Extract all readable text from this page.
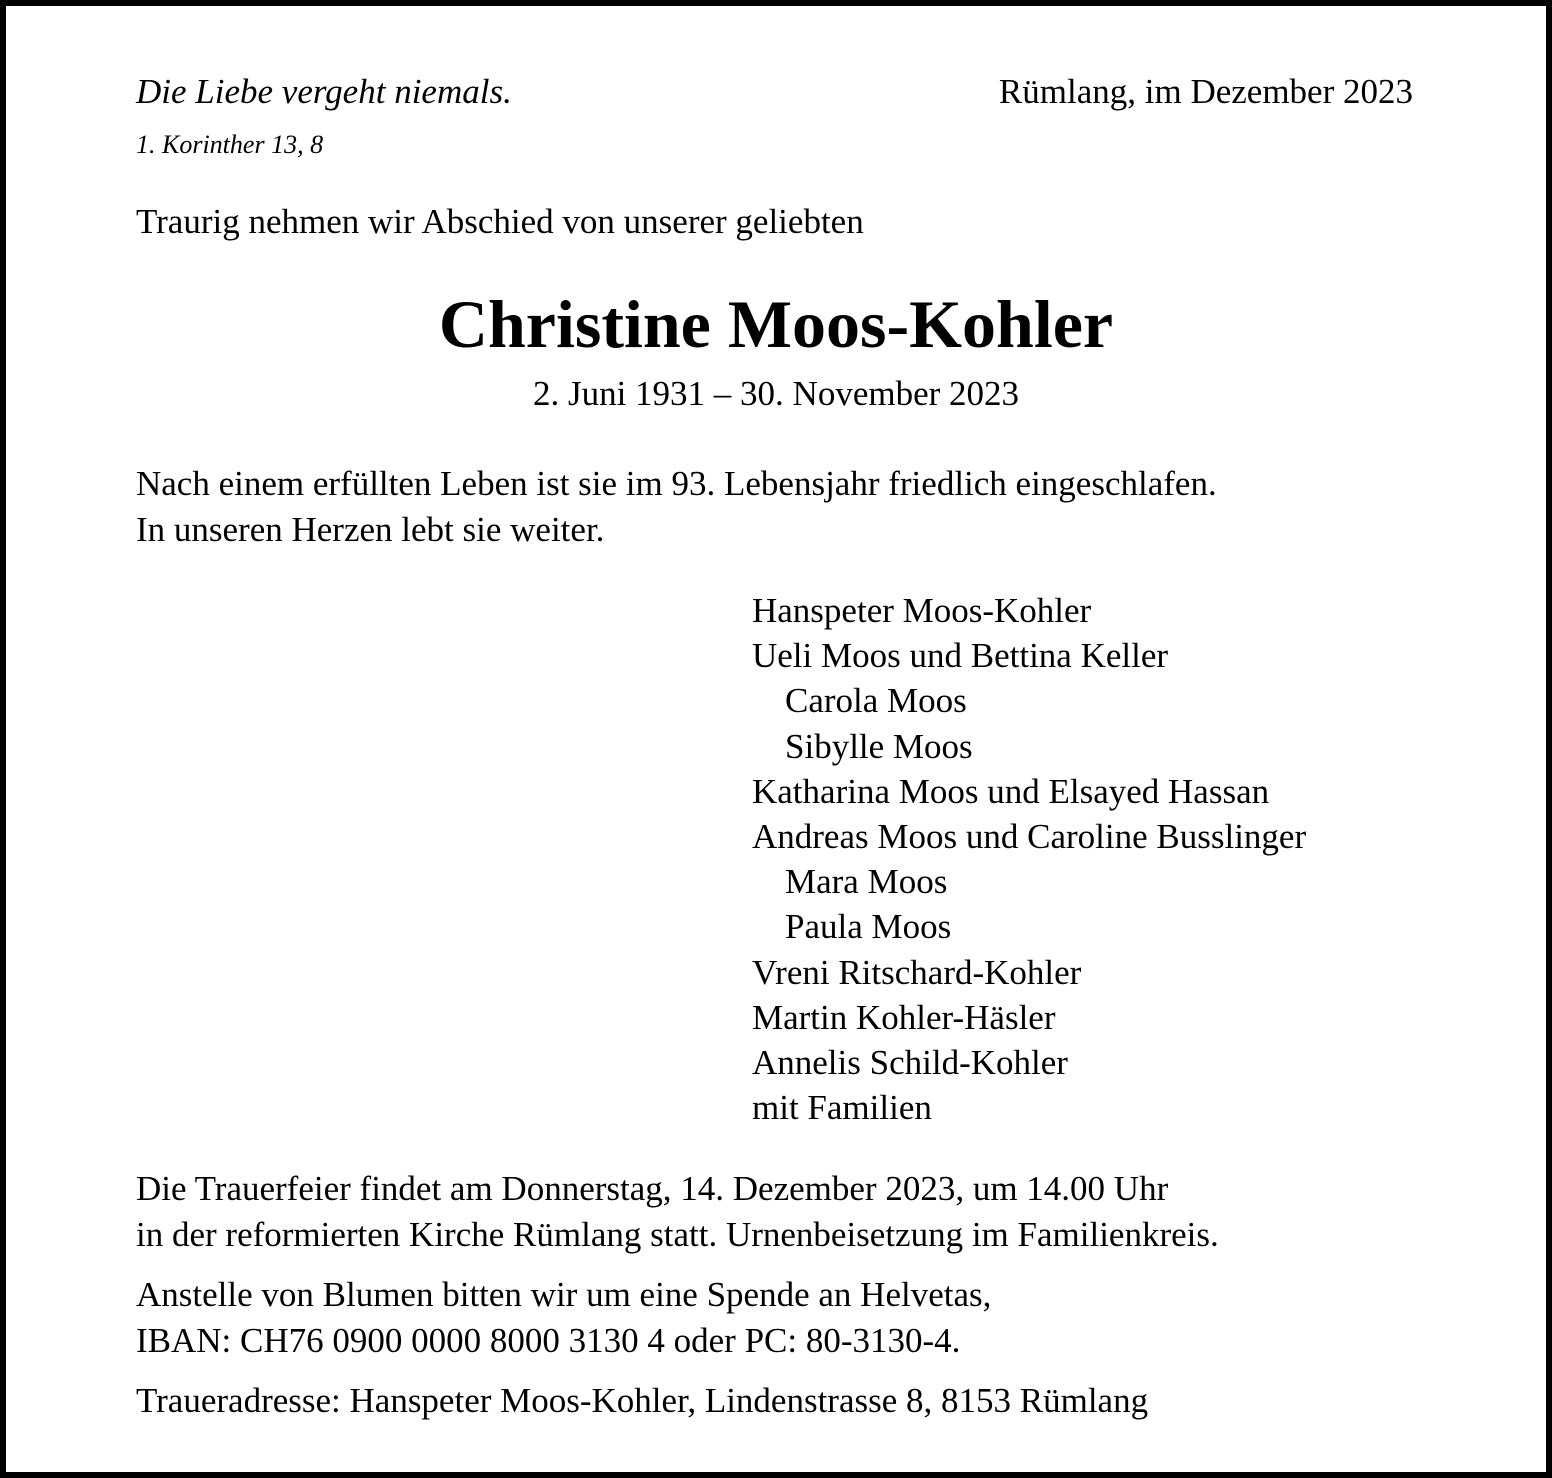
Die Liebe vergeht niemals.	Rümlang, im Dezember 2023
1. Korinther 13, 8
Traurig nehmen wir Abschied von unserer geliebten
Christine Moos-Kohler
2. Juni 1931 – 30. November 2023
Nach einem erfüllten Leben ist sie im 93. Lebensjahr friedlich eingeschlafen.
In unseren Herzen lebt sie weiter.
Hanspeter Moos-Kohler
Ueli Moos und Bettina Keller
Carola Moos
Sibylle Moos
Katharina Moos und Elsayed Hassan
Andreas Moos und Caroline Busslinger
Mara Moos
Paula Moos
Vreni Ritschard-Kohler
Martin Kohler-Häsler
Annelis Schild-Kohler
mit Familien
Die Trauerfeier findet am Donnerstag, 14. Dezember 2023, um 14.00 Uhr
in der reformierten Kirche Rümlang statt. Urnenbeisetzung im Familienkreis.
Anstelle von Blumen bitten wir um eine Spende an Helvetas,
IBAN: CH76 0900 0000 8000 3130 4 oder PC: 80-3130-4.
Traueradresse: Hanspeter Moos-Kohler, Lindenstrasse 8, 8153 Rümlang
